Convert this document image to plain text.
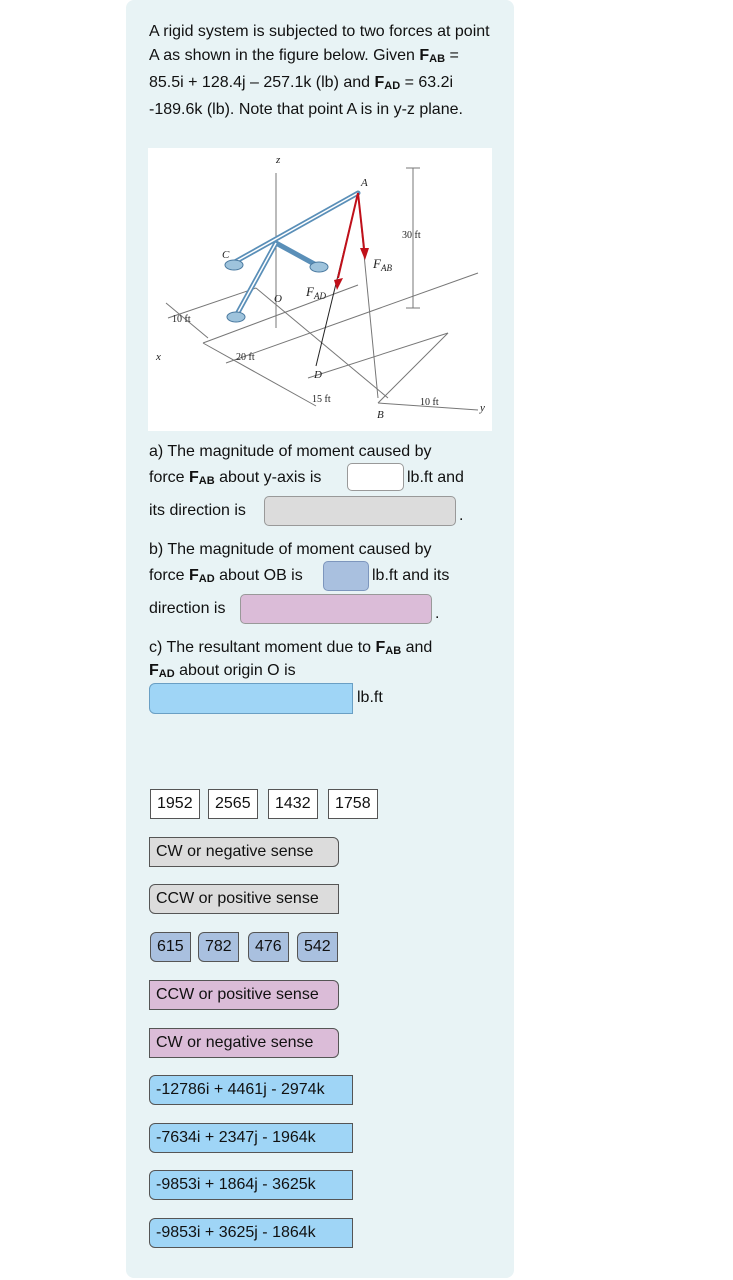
A rigid system is subjected to two forces at point A as shown in the figure below. Given FAB = 85.5i + 128.4j – 257.1k (lb) and FAD = 63.2i -189.6k (lb). Note that point A is in y-z plane.
z
A
C
O
D
B
x
y
$F_{AB}$
$F_{AD}$
30 ft
10 ft
20 ft
15 ft	10 ft
a) The magnitude of moment caused by
force FAB about y-axis is	lb.ft and
its direction is	.
b) The magnitude of moment caused by
force FAD about OB is	lb.ft and its
direction is	.
c) The resultant moment due to FAB and
FAD about origin O is
lb.ft
1952	2565	1432	1758
CW or negative sense
CCW or positive sense
615	782	476	542
CCW or positive sense
CW or negative sense
-12786i + 4461j - 2974k
-7634i + 2347j - 1964k
-9853i + 1864j - 3625k
-9853i + 3625j - 1864k
